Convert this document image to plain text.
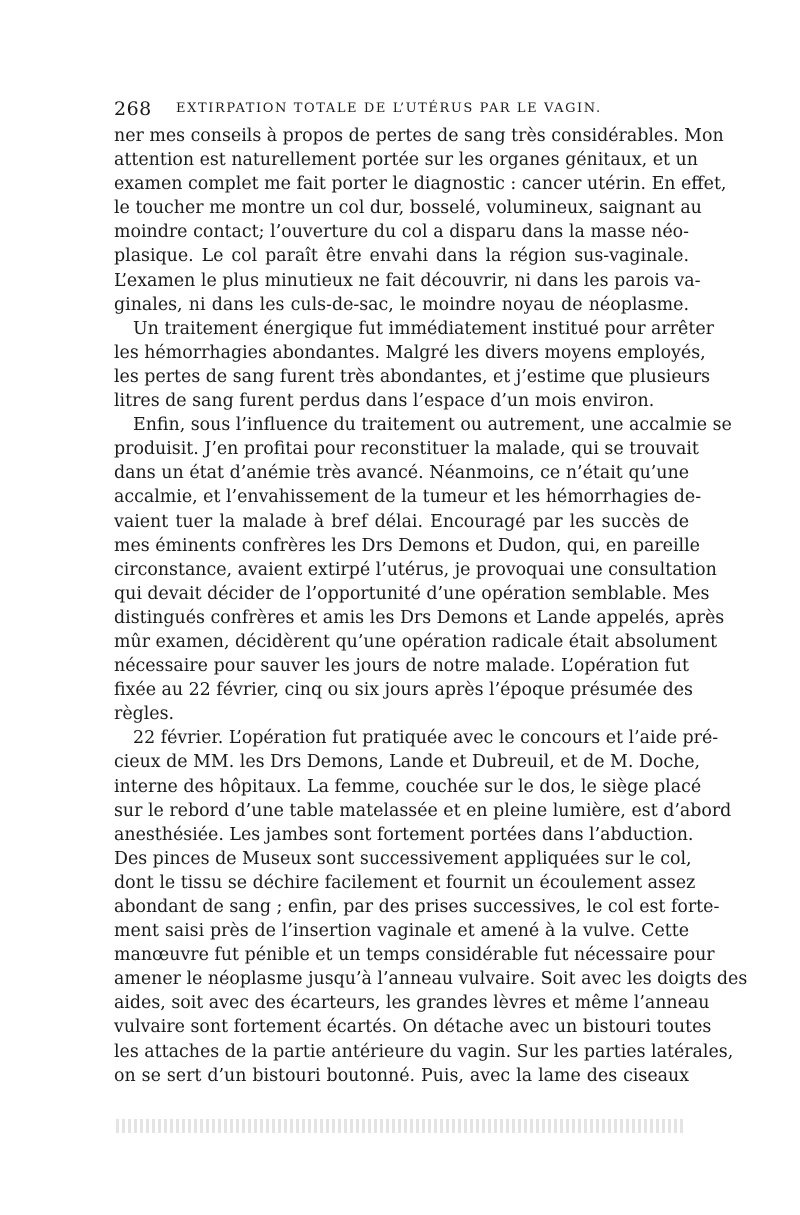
268 EXTIRPATION TOTALE DE L’UTÉRUS PAR LE VAGIN.
ner mes conseils à propos de pertes de sang très considérables. Mon
attention est naturellement portée sur les organes génitaux, et un
examen complet me fait porter le diagnostic : cancer utérin. En effet,
le toucher me montre un col dur, bosselé, volumineux, saignant au
moindre contact; l’ouverture du col a disparu dans la masse néo-
plasique. Le col paraît être envahi dans la région sus-vaginale.
L’examen le plus minutieux ne fait découvrir, ni dans les parois va-
ginales, ni dans les culs-de-sac, le moindre noyau de néoplasme.
Un traitement énergique fut immédiatement institué pour arrêter
les hémorrhagies abondantes. Malgré les divers moyens employés,
les pertes de sang furent très abondantes, et j’estime que plusieurs
litres de sang furent perdus dans l’espace d’un mois environ.
Enfin, sous l’influence du traitement ou autrement, une accalmie se
produisit. J’en profitai pour reconstituer la malade, qui se trouvait
dans un état d’anémie très avancé. Néanmoins, ce n’était qu’une
accalmie, et l’envahissement de la tumeur et les hémorrhagies de-
vaient tuer la malade à bref délai. Encouragé par les succès de
mes éminents confrères les Drs Demons et Dudon, qui, en pareille
circonstance, avaient extirpé l’utérus, je provoquai une consultation
qui devait décider de l’opportunité d’une opération semblable. Mes
distingués confrères et amis les Drs Demons et Lande appelés, après
mûr examen, décidèrent qu’une opération radicale était absolument
nécessaire pour sauver les jours de notre malade. L’opération fut
fixée au 22 février, cinq ou six jours après l’époque présumée des
règles.
22 février. L’opération fut pratiquée avec le concours et l’aide pré-
cieux de MM. les Drs Demons, Lande et Dubreuil, et de M. Doche,
interne des hôpitaux. La femme, couchée sur le dos, le siège placé
sur le rebord d’une table matelassée et en pleine lumière, est d’abord
anesthésiée. Les jambes sont fortement portées dans l’abduction.
Des pinces de Museux sont successivement appliquées sur le col,
dont le tissu se déchire facilement et fournit un écoulement assez
abondant de sang ; enfin, par des prises successives, le col est forte-
ment saisi près de l’insertion vaginale et amené à la vulve. Cette
manœuvre fut pénible et un temps considérable fut nécessaire pour
amener le néoplasme jusqu’à l’anneau vulvaire. Soit avec les doigts des
aides, soit avec des écarteurs, les grandes lèvres et même l’anneau
vulvaire sont fortement écartés. On détache avec un bistouri toutes
les attaches de la partie antérieure du vagin. Sur les parties latérales,
on se sert d’un bistouri boutonné. Puis, avec la lame des ciseaux
